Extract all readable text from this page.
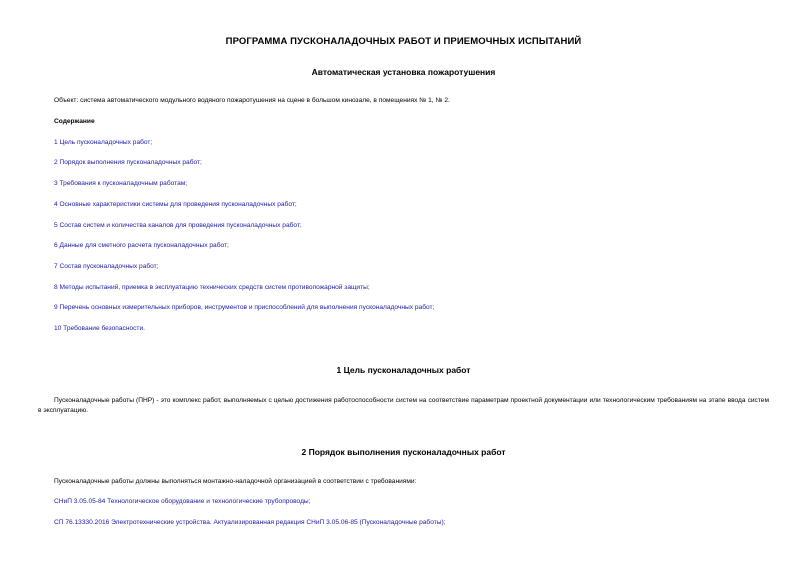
ПРОГРАММА ПУСКОНАЛАДОЧНЫХ РАБОТ И ПРИЕМОЧНЫХ ИСПЫТАНИЙ
Автоматическая установка пожаротушения
Объект: система автоматического модульного водяного пожаротушения на сцене в большом кинозале, в помещениях № 1, № 2.
Содержание
1 Цель пусконаладочных работ;
2 Порядок выполнения пусконаладочных работ;
3 Требования к пусконаладочным работам;
4 Основные характеристики системы для проведения пусконаладочных работ;
5 Состав систем и количества каналов для проведения пусконаладочных работ;
6 Данные для сметного расчета пусконаладочных работ;
7 Состав пусконаладочных работ;
8 Методы испытаний, приемка в эксплуатацию технических средств систем противопожарной защиты;
9 Перечень основных измерительных приборов, инструментов и приспособлений для выполнения пусконаладочных работ;
10 Требование безопасности.
1 Цель пусконаладочных работ
Пусконаладочные работы (ПНР) - это комплекс работ, выполняемых с целью достижения работоспособности систем на соответствие параметрам проектной документации или технологическим требованиям на этапе ввода систем в эксплуатацию.
2 Порядок выполнения пусконаладочных работ
Пусконаладочные работы должны выполняться монтажно-наладочной организацией в соответствии с требованиями:
СНиП 3.05.05-84 Технологическое оборудование и технологические трубопроводы;
СП 76.13330.2016 Электротехнические устройства. Актуализированная редакция СНиП 3.05.06-85 (Пусконаладочные работы);
